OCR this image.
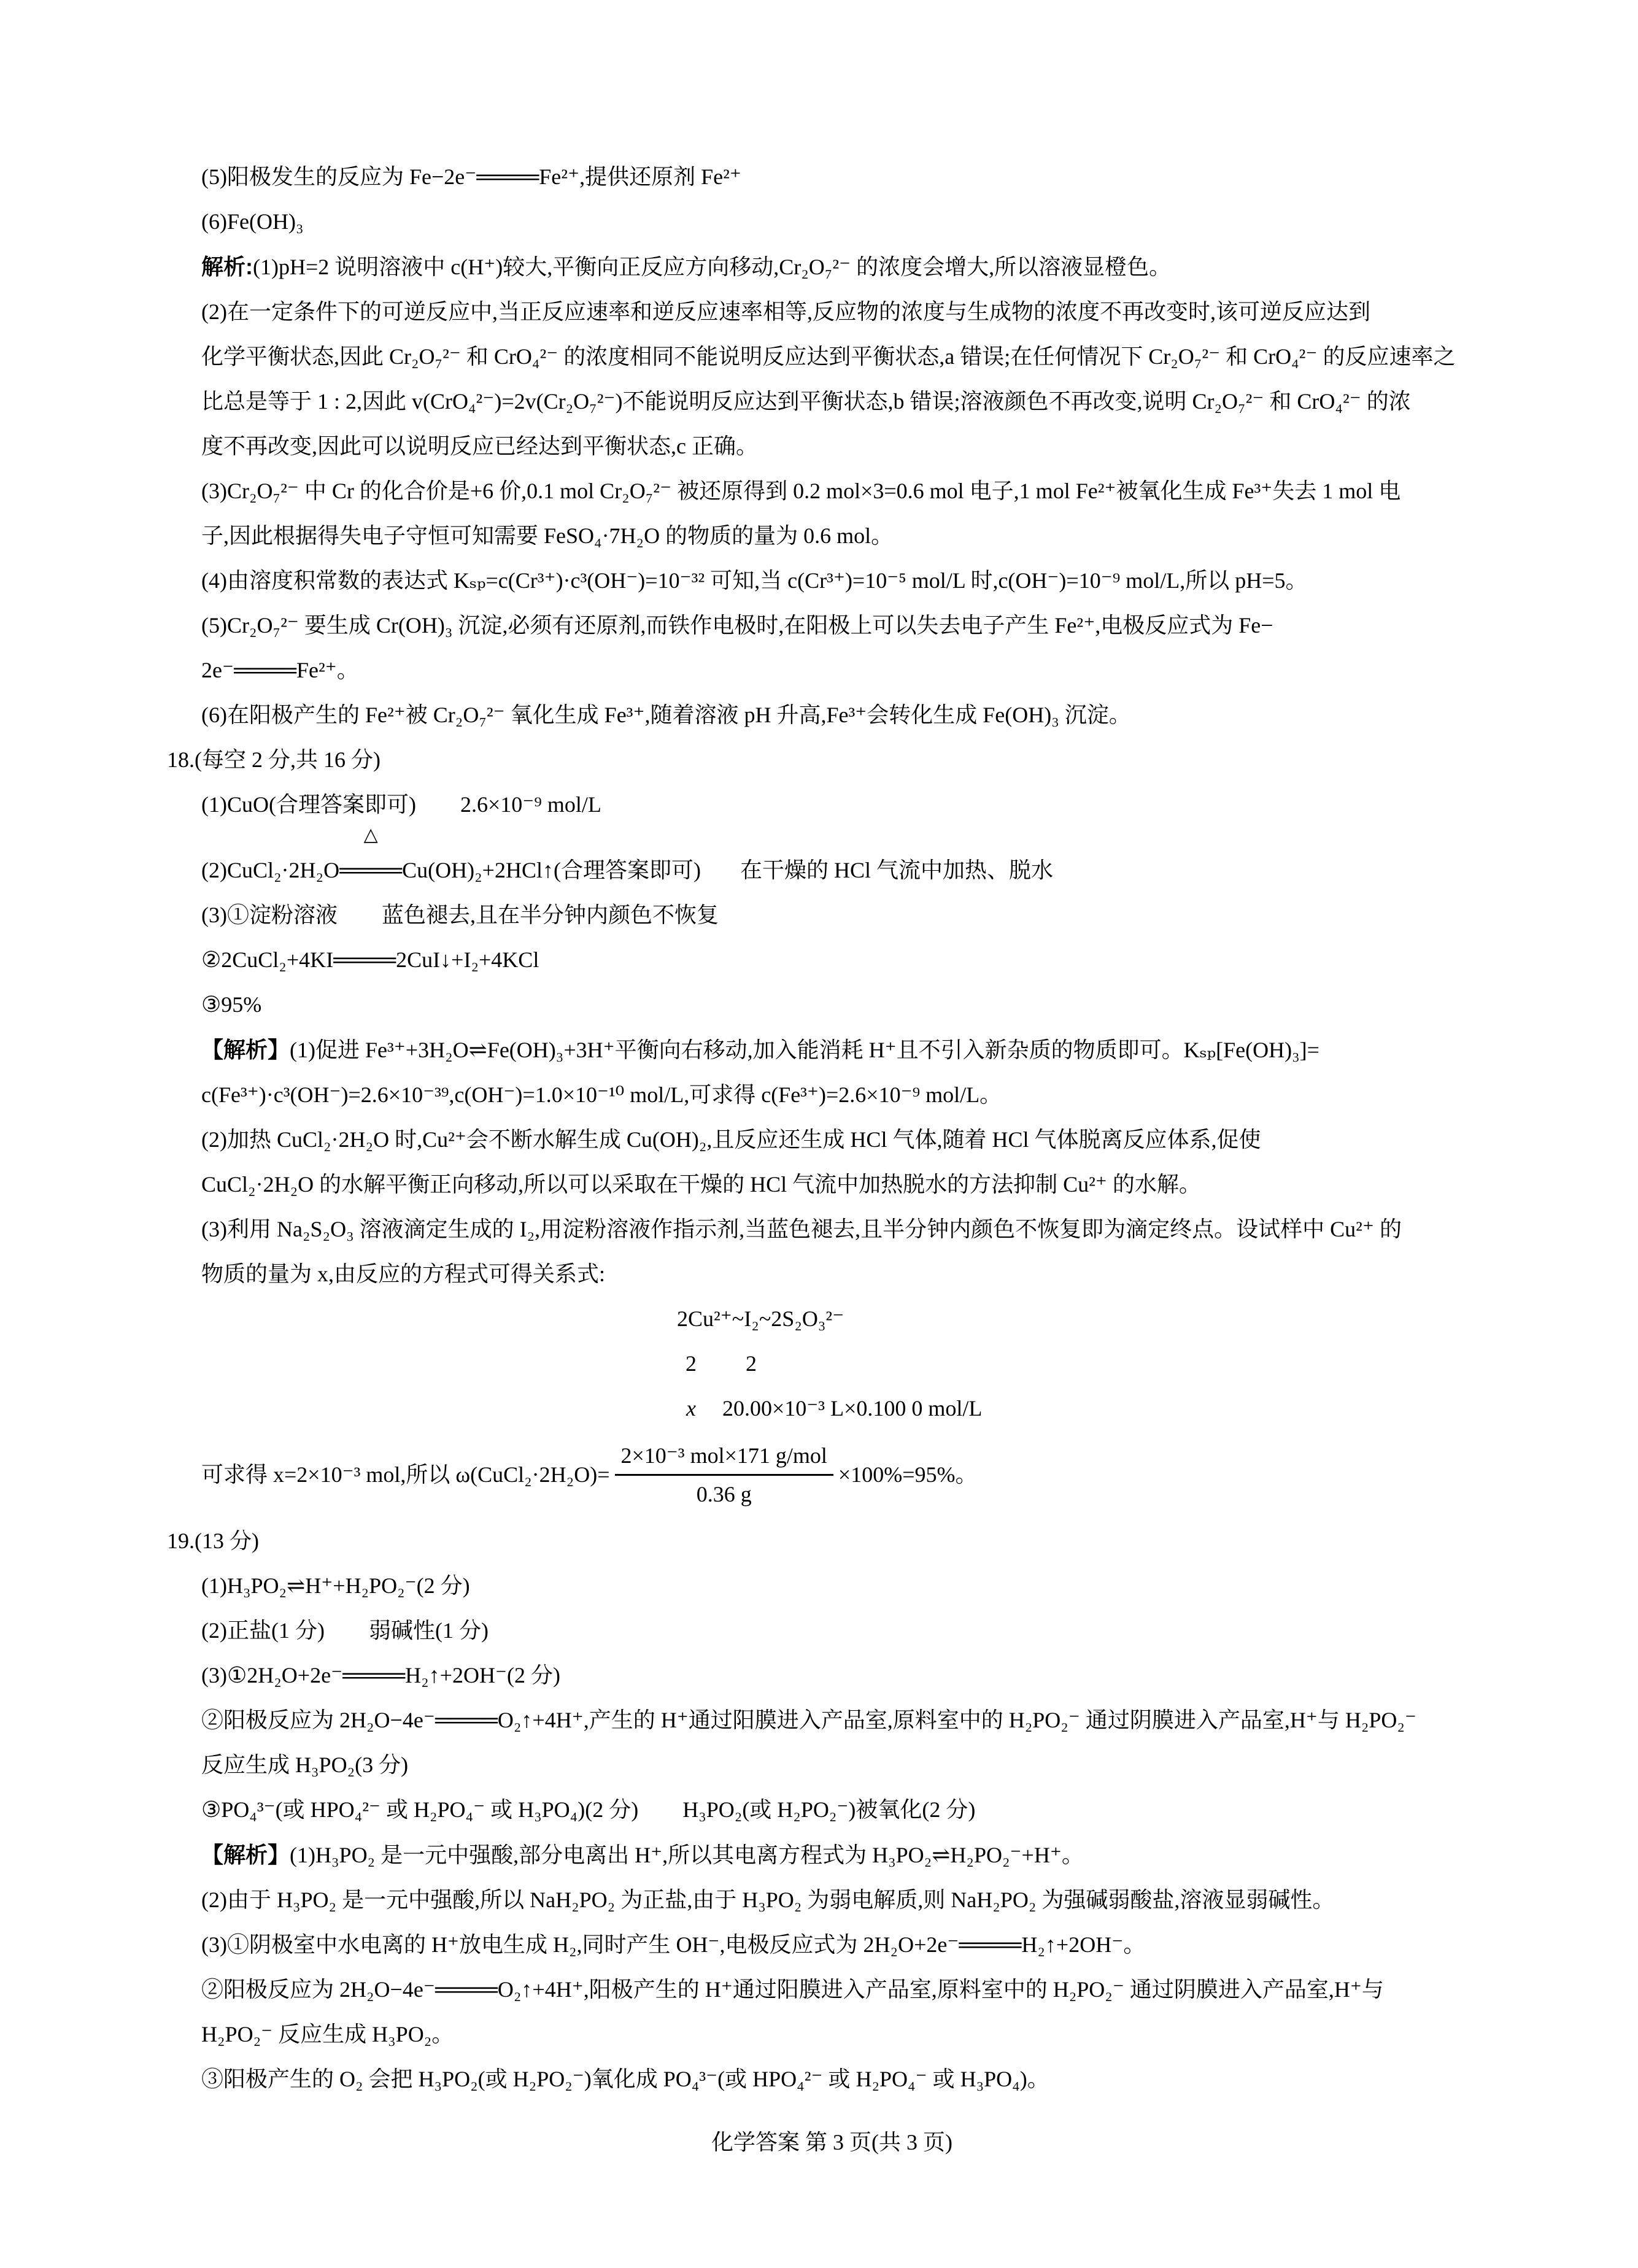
(5)阳极发生的反应为 Fe−2e⁻════Fe²⁺,提供还原剂 Fe²⁺
(6)Fe(OH)₃
解析:(1)pH=2 说明溶液中 c(H⁺)较大,平衡向正反应方向移动,Cr₂O₇²⁻ 的浓度会增大,所以溶液显橙色。
(2)在一定条件下的可逆反应中,当正反应速率和逆反应速率相等,反应物的浓度与生成物的浓度不再改变时,该可逆反应达到
化学平衡状态,因此 Cr₂O₇²⁻ 和 CrO₄²⁻ 的浓度相同不能说明反应达到平衡状态,a 错误;在任何情况下 Cr₂O₇²⁻ 和 CrO₄²⁻ 的反应速率之
比总是等于 1 : 2,因此 v(CrO₄²⁻)=2v(Cr₂O₇²⁻)不能说明反应达到平衡状态,b 错误;溶液颜色不再改变,说明 Cr₂O₇²⁻ 和 CrO₄²⁻ 的浓
度不再改变,因此可以说明反应已经达到平衡状态,c 正确。
(3)Cr₂O₇²⁻ 中 Cr 的化合价是+6 价,0.1 mol Cr₂O₇²⁻ 被还原得到 0.2 mol×3=0.6 mol 电子,1 mol Fe²⁺被氧化生成 Fe³⁺失去 1 mol 电
子,因此根据得失电子守恒可知需要 FeSO₄·7H₂O 的物质的量为 0.6 mol。
(4)由溶度积常数的表达式 Kₛₚ=c(Cr³⁺)·c³(OH⁻)=10⁻³² 可知,当 c(Cr³⁺)=10⁻⁵ mol/L 时,c(OH⁻)=10⁻⁹ mol/L,所以 pH=5。
(5)Cr₂O₇²⁻ 要生成 Cr(OH)₃ 沉淀,必须有还原剂,而铁作电极时,在阳极上可以失去电子产生 Fe²⁺,电极反应式为 Fe−
2e⁻════Fe²⁺。
(6)在阳极产生的 Fe²⁺被 Cr₂O₇²⁻ 氧化生成 Fe³⁺,随着溶液 pH 升高,Fe³⁺会转化生成 Fe(OH)₃ 沉淀。
18.(每空 2 分,共 16 分)
(1)CuO(合理答案即可)　　2.6×10⁻⁹ mol/L
(2)CuCl₂·2H₂O
△
════Cu(OH)₂+2HCl↑(合理答案即可) 在干燥的 HCl 气流中加热、脱水
(3)①淀粉溶液　　蓝色褪去,且在半分钟内颜色不恢复
②2CuCl₂+4KI════2CuI↓+I₂+4KCl
③95%
【解析】(1)促进 Fe³⁺+3H₂O⇌Fe(OH)₃+3H⁺平衡向右移动,加入能消耗 H⁺且不引入新杂质的物质即可。Kₛₚ[Fe(OH)₃]=
c(Fe³⁺)·c³(OH⁻)=2.6×10⁻³⁹,c(OH⁻)=1.0×10⁻¹⁰ mol/L,可求得 c(Fe³⁺)=2.6×10⁻⁹ mol/L。
(2)加热 CuCl₂·2H₂O 时,Cu²⁺会不断水解生成 Cu(OH)₂,且反应还生成 HCl 气体,随着 HCl 气体脱离反应体系,促使
CuCl₂·2H₂O 的水解平衡正向移动,所以可以采取在干燥的 HCl 气流中加热脱水的方法抑制 Cu²⁺ 的水解。
(3)利用 Na₂S₂O₃ 溶液滴定生成的 I₂,用淀粉溶液作指示剂,当蓝色褪去,且半分钟内颜色不恢复即为滴定终点。设试样中 Cu²⁺ 的
物质的量为 x,由反应的方程式可得关系式:
2Cu²⁺~I₂~2S₂O₃²⁻
2 2
x 20.00×10⁻³ L×0.100 0 mol/L
可求得 x=2×10⁻³ mol,所以 ω(CuCl₂·2H₂O)= $\frac{\text{2×10⁻³ mol×171 g/mol}}{0.36 g} \times 100\%=95\%$。
19.(13 分)
(1)H₃PO₂⇌H⁺+H₂PO₂⁻(2 分)
(2)正盐(1 分)　　弱碱性(1 分)
(3)①2H₂O+2e⁻════H₂↑+2OH⁻(2 分)
②阳极反应为 2H₂O−4e⁻════O₂↑+4H⁺,产生的 H⁺通过阳膜进入产品室,原料室中的 H₂PO₂⁻ 通过阴膜进入产品室,H⁺与 H₂PO₂⁻
反应生成 H₃PO₂(3 分)
③PO₄³⁻(或 HPO₄²⁻ 或 H₂PO₄⁻ 或 H₃PO₄)(2 分)　　H₃PO₂(或 H₂PO₂⁻)被氧化(2 分)
【解析】(1)H₃PO₂ 是一元中强酸,部分电离出 H⁺,所以其电离方程式为 H₃PO₂⇌H₂PO₂⁻+H⁺。
(2)由于 H₃PO₂ 是一元中强酸,所以 NaH₂PO₂ 为正盐,由于 H₃PO₂ 为弱电解质,则 NaH₂PO₂ 为强碱弱酸盐,溶液显弱碱性。
(3)①阴极室中水电离的 H⁺放电生成 H₂,同时产生 OH⁻,电极反应式为 2H₂O+2e⁻════H₂↑+2OH⁻。
②阳极反应为 2H₂O−4e⁻════O₂↑+4H⁺,阳极产生的 H⁺通过阳膜进入产品室,原料室中的 H₂PO₂⁻ 通过阴膜进入产品室,H⁺与
H₂PO₂⁻ 反应生成 H₃PO₂。
③阳极产生的 O₂ 会把 H₃PO₂(或 H₂PO₂⁻)氧化成 PO₄³⁻(或 HPO₄²⁻ 或 H₂PO₄⁻ 或 H₃PO₄)。
化学答案 第 3 页(共 3 页)
